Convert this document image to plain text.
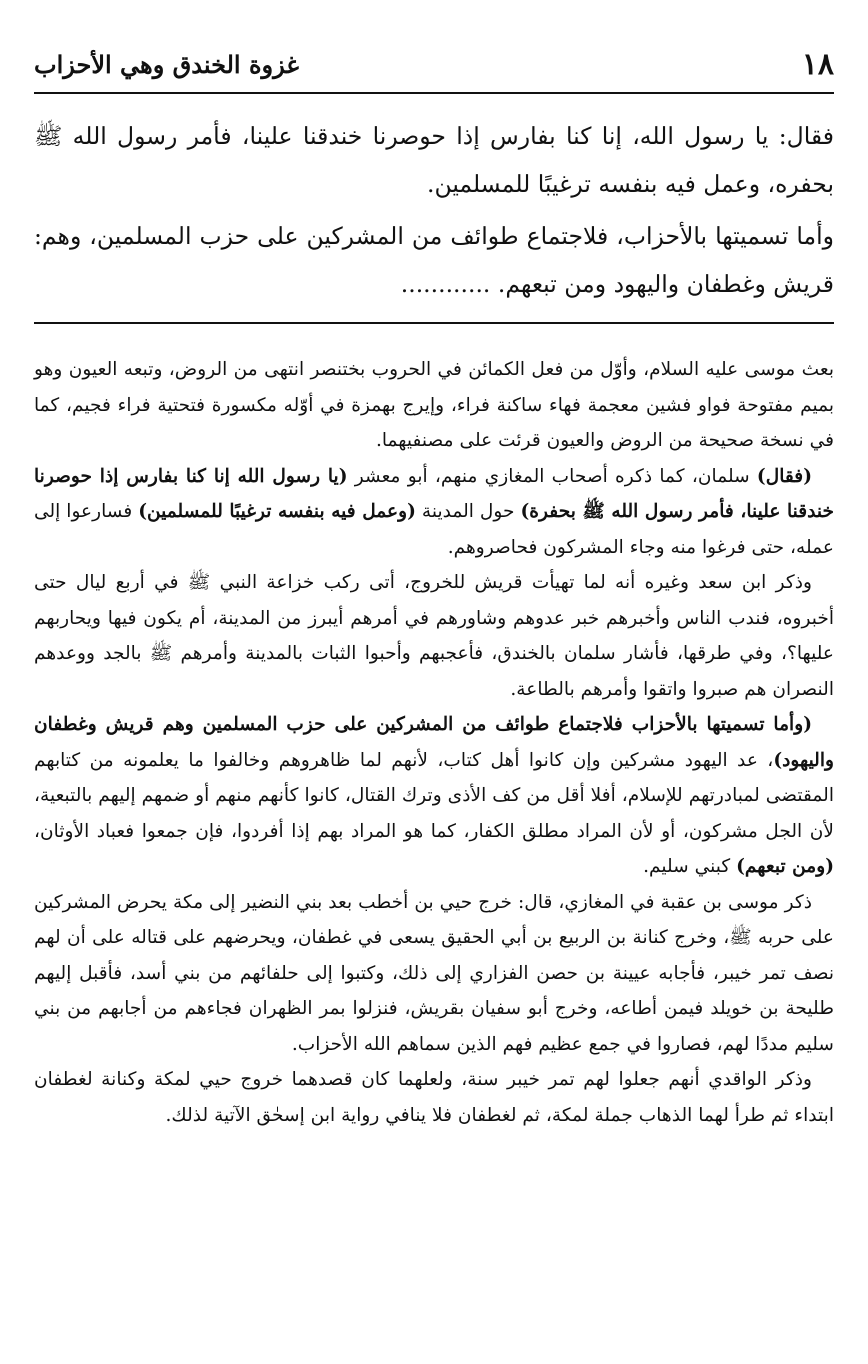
١٨
غزوة الخندق وهي الأحزاب

فقال: يا رسول الله، إنا كنا بفارس إذا حوصرنا خندقنا علينا، فأمر رسول الله ﷺ بحفره، وعمل فيه بنفسه ترغيبًا للمسلمين.

وأما تسميتها بالأحزاب، فلاجتماع طوائف من المشركين على حزب المسلمين، وهم: قريش وغطفان واليهود ومن تبعهم. ............

بعث موسى عليه السلام، وأوّل من فعل الكمائن في الحروب بختنصر انتهى من الروض، وتبعه العيون وهو بميم مفتوحة فواو فشين معجمة فهاء ساكنة فراء، وإيرج بهمزة في أوّله مكسورة فتحتية فراء فجيم، كما في نسخة صحيحة من الروض والعيون قرئت على مصنفيهما.

(فقال) سلمان، كما ذكره أصحاب المغازي منهم، أبو معشر (يا رسول الله إنا كنا بفارس إذا حوصرنا خندقنا علينا، فأمر رسول الله ﷺ بحفرة) حول المدينة (وعمل فيه بنفسه ترغيبًا للمسلمين) فسارعوا إلى عمله، حتى فرغوا منه وجاء المشركون فحاصروهم.

وذكر ابن سعد وغيره أنه لما تهيأت قريش للخروج، أتى ركب خزاعة النبي ﷺ في أربع ليال حتى أخبروه، فندب الناس وأخبرهم خبر عدوهم وشاورهم في أمرهم أيبرز من المدينة، أم يكون فيها ويحاربهم عليها؟، وفي طرقها، فأشار سلمان بالخندق، فأعجبهم وأحبوا الثبات بالمدينة وأمرهم ﷺ بالجد ووعدهم النصران هم صبروا واتقوا وأمرهم بالطاعة.

(وأما تسميتها بالأحزاب فلاجتماع طوائف من المشركين على حزب المسلمين وهم قريش وغطفان واليهود)، عد اليهود مشركين وإن كانوا أهل كتاب، لأنهم لما ظاهروهم وخالفوا ما يعلمونه من كتابهم المقتضى لمبادرتهم للإسلام، أفلا أقل من كف الأذى وترك القتال، كانوا كأنهم منهم أو ضمهم إليهم بالتبعية، لأن الجل مشركون، أو لأن المراد مطلق الكفار، كما هو المراد بهم إذا أفردوا، فإن جمعوا فعباد الأوثان، (ومن تبعهم) كبني سليم.

ذكر موسى بن عقبة في المغازي، قال: خرج حيي بن أخطب بعد بني النضير إلى مكة يحرض المشركين على حربه ﷺ، وخرج كنانة بن الربيع بن أبي الحقيق يسعى في غطفان، ويحرضهم على قتاله على أن لهم نصف تمر خيبر، فأجابه عيينة بن حصن الفزاري إلى ذلك، وكتبوا إلى حلفائهم من بني أسد، فأقبل إليهم طليحة بن خويلد فيمن أطاعه، وخرج أبو سفيان بقريش، فنزلوا بمر الظهران فجاءهم من أجابهم من بني سليم مددًا لهم، فصاروا في جمع عظيم فهم الذين سماهم الله الأحزاب.

وذكر الواقدي أنهم جعلوا لهم تمر خيبر سنة، ولعلهما كان قصدهما خروج حيي لمكة وكنانة لغطفان ابتداء ثم طرأ لهما الذهاب جملة لمكة، ثم لغطفان فلا ينافي رواية ابن إسحٰق الآتية لذلك.
